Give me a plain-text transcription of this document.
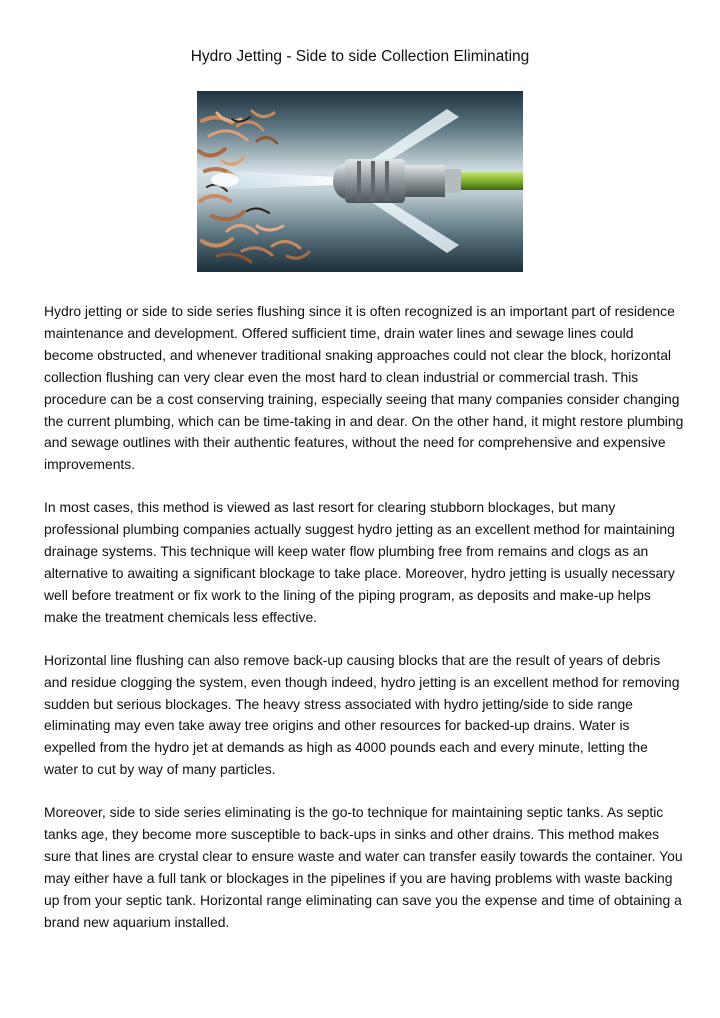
Hydro Jetting - Side to side Collection Eliminating

Hydro jetting or side to side series flushing since it is often recognized is an important part of residence maintenance and development. Offered sufficient time, drain water lines and sewage lines could become obstructed, and whenever traditional snaking approaches could not clear the block, horizontal collection flushing can very clear even the most hard to clean industrial or commercial trash. This procedure can be a cost conserving training, especially seeing that many companies consider changing the current plumbing, which can be time-taking in and dear. On the other hand, it might restore plumbing and sewage outlines with their authentic features, without the need for comprehensive and expensive improvements.

In most cases, this method is viewed as last resort for clearing stubborn blockages, but many professional plumbing companies actually suggest hydro jetting as an excellent method for maintaining drainage systems. This technique will keep water flow plumbing free from remains and clogs as an alternative to awaiting a significant blockage to take place. Moreover, hydro jetting is usually necessary well before treatment or fix work to the lining of the piping program, as deposits and make-up helps make the treatment chemicals less effective.

Horizontal line flushing can also remove back-up causing blocks that are the result of years of debris and residue clogging the system, even though indeed, hydro jetting is an excellent method for removing sudden but serious blockages. The heavy stress associated with hydro jetting/side to side range eliminating may even take away tree origins and other resources for backed-up drains. Water is expelled from the hydro jet at demands as high as 4000 pounds each and every minute, letting the water to cut by way of many particles.

Moreover, side to side series eliminating is the go-to technique for maintaining septic tanks. As septic tanks age, they become more susceptible to back-ups in sinks and other drains. This method makes sure that lines are crystal clear to ensure waste and water can transfer easily towards the container. You may either have a full tank or blockages in the pipelines if you are having problems with waste backing up from your septic tank. Horizontal range eliminating can save you the expense and time of obtaining a brand new aquarium installed.
